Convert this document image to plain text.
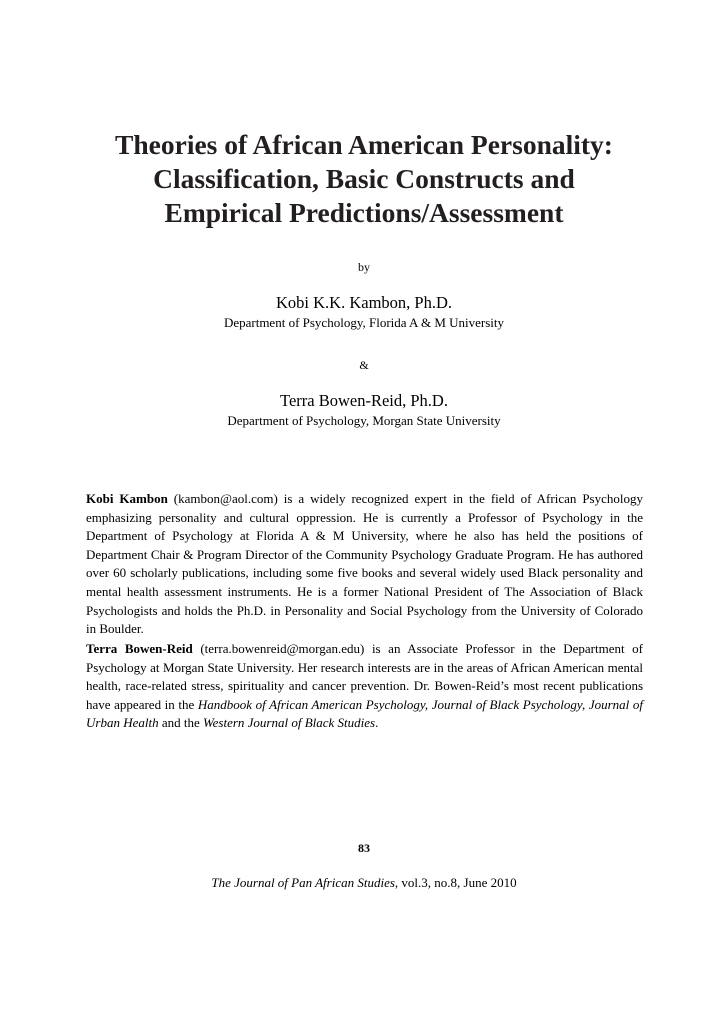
Theories of African American Personality:
Classification, Basic Constructs and
Empirical Predictions/Assessment
by
Kobi K.K. Kambon, Ph.D.
Department of Psychology, Florida A & M University
&
Terra Bowen-Reid, Ph.D.
Department of Psychology, Morgan State University

Kobi Kambon (kambon@aol.com) is a widely recognized expert in the field of African Psychology emphasizing personality and cultural oppression. He is currently a Professor of Psychology in the Department of Psychology at Florida A & M University, where he also has held the positions of Department Chair & Program Director of the Community Psychology Graduate Program. He has authored over 60 scholarly publications, including some five books and several widely used Black personality and mental health assessment instruments. He is a former National President of The Association of Black Psychologists and holds the Ph.D. in Personality and Social Psychology from the University of Colorado in Boulder.

Terra Bowen-Reid (terra.bowenreid@morgan.edu) is an Associate Professor in the Department of Psychology at Morgan State University. Her research interests are in the areas of African American mental health, race-related stress, spirituality and cancer prevention. Dr. Bowen-Reid’s most recent publications have appeared in the Handbook of African American Psychology, Journal of Black Psychology, Journal of Urban Health and the Western Journal of Black Studies.

83
The Journal of Pan African Studies, vol.3, no.8, June 2010
